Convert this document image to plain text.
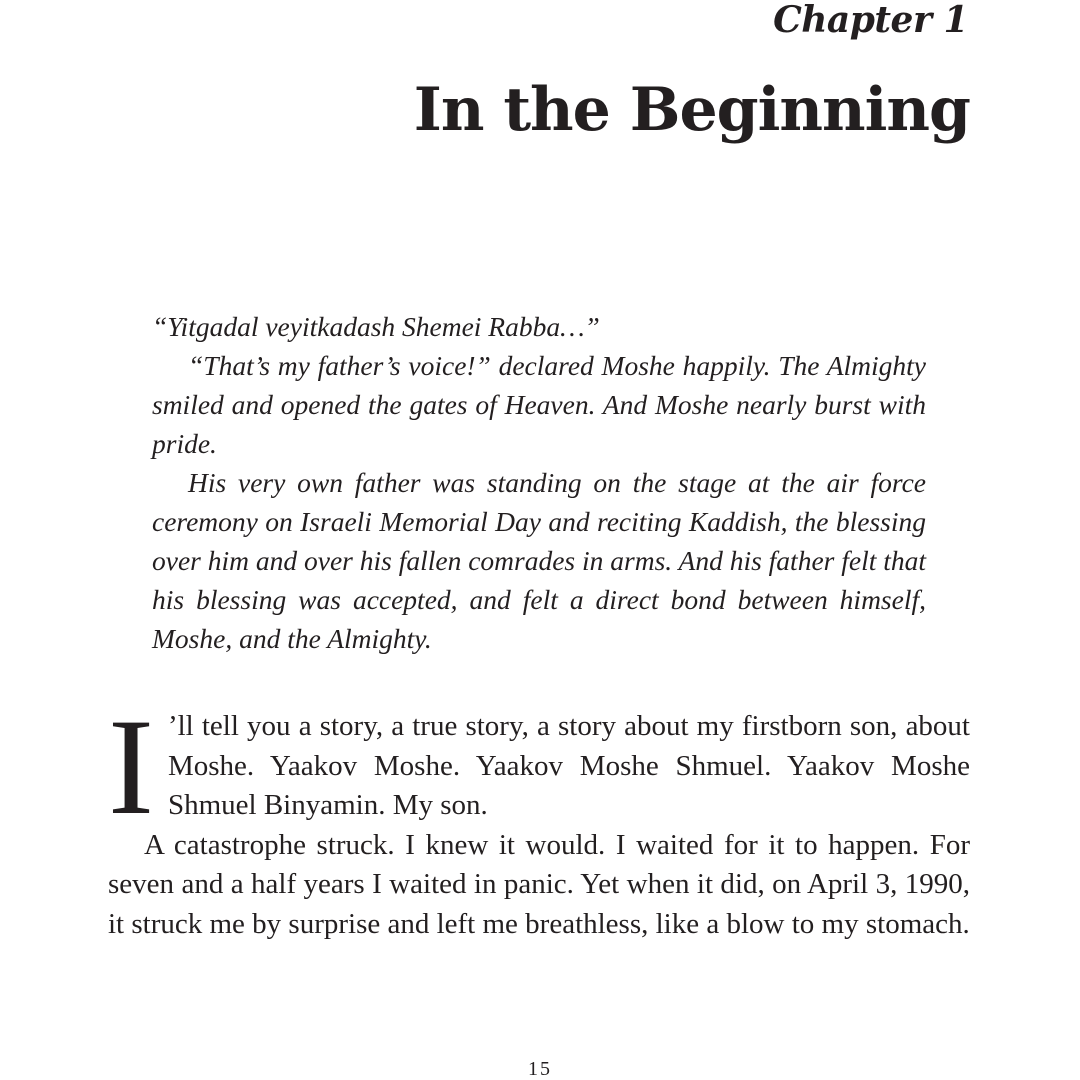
Chapter 1
In the Beginning

“Yitgadal veyitkadash Shemei Rabba…”

“That’s my father’s voice!” declared Moshe happily. The Almighty smiled and opened the gates of Heaven. And Moshe nearly burst with pride.

His very own father was standing on the stage at the air force ceremony on Israeli Memorial Day and reciting Kaddish, the blessing over him and over his fallen comrades in arms. And his father felt that his blessing was accepted, and felt a direct bond between himself, Moshe, and the Almighty.

I ’ll tell you a story, a true story, a story about my firstborn son, about Moshe. Yaakov Moshe. Yaakov Moshe Shmuel. Yaakov Moshe Shmuel Binyamin. My son.

A catastrophe struck. I knew it would. I waited for it to happen. For seven and a half years I waited in panic. Yet when it did, on April 3, 1990, it struck me by surprise and left me breathless, like a blow to my stomach.

15
